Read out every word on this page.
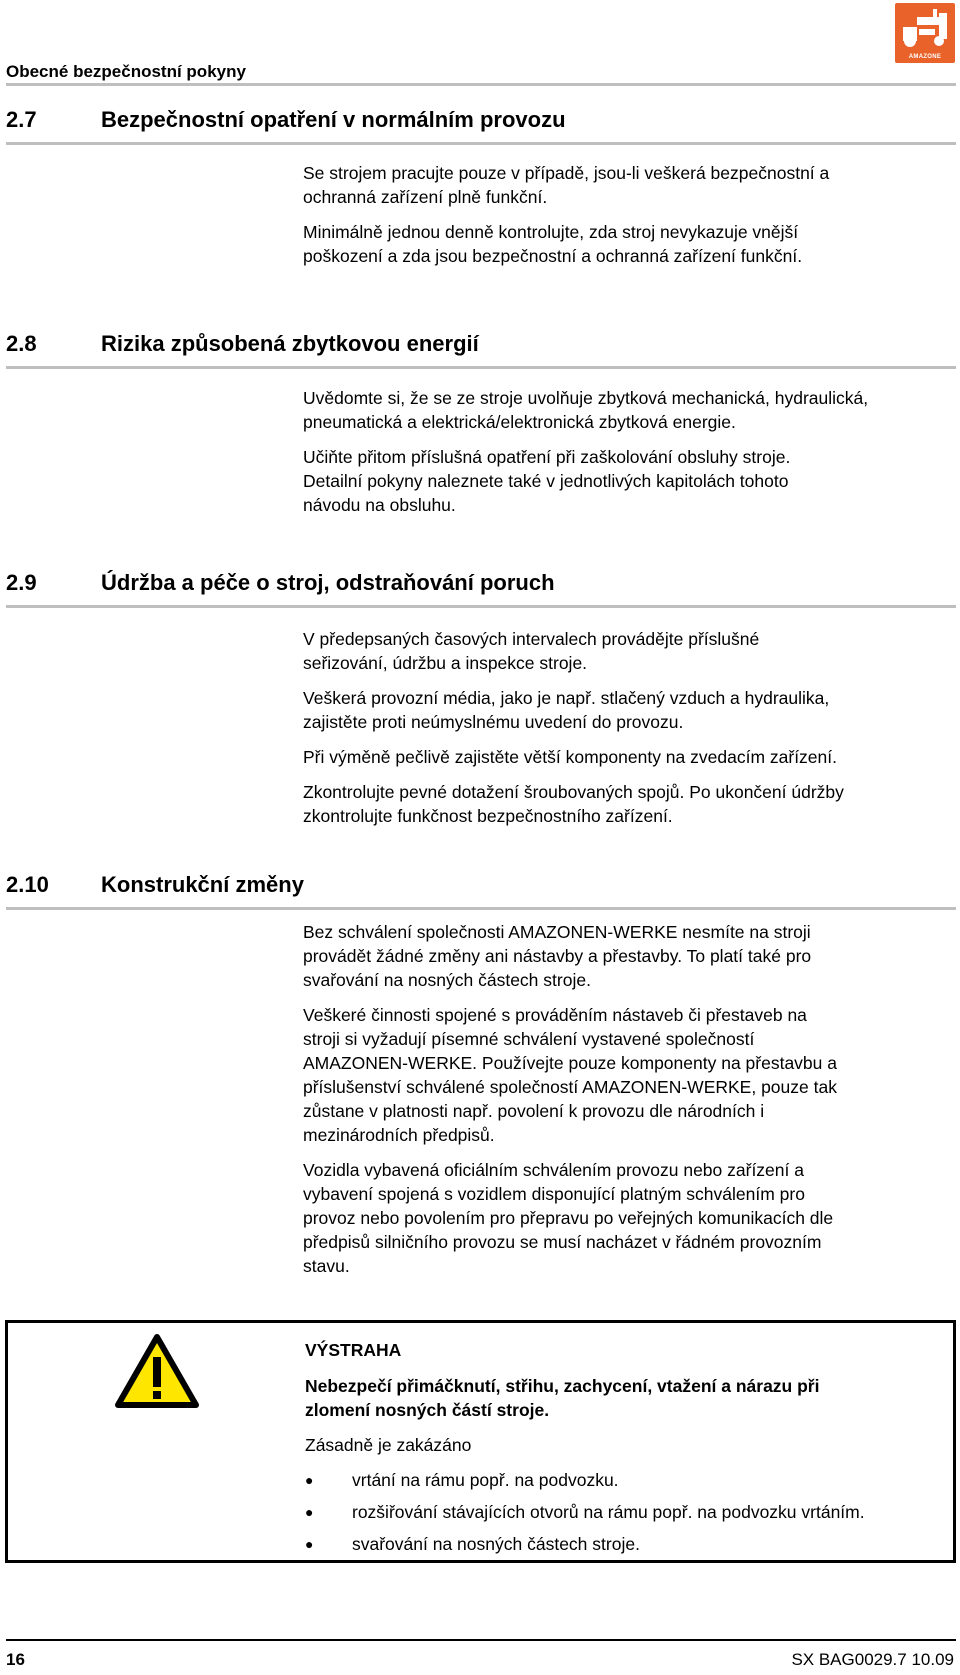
Obecné bezpečnostní pokyny
AMAZONE
2.7	Bezpečnostní opatření v normálním provozu

Se strojem pracujte pouze v případě, jsou-li veškerá bezpečnostní a
ochranná zařízení plně funkční.

Minimálně jednou denně kontrolujte, zda stroj nevykazuje vnější
poškození a zda jsou bezpečnostní a ochranná zařízení funkční.

2.8	Rizika způsobená zbytkovou energií

Uvědomte si, že se ze stroje uvolňuje zbytková mechanická, hydraulická,
pneumatická a elektrická/elektronická zbytková energie.

Učiňte přitom příslušná opatření při zaškolování obsluhy stroje.
Detailní pokyny naleznete také v jednotlivých kapitolách tohoto
návodu na obsluhu.

2.9	Údržba a péče o stroj, odstraňování poruch

V předepsaných časových intervalech provádějte příslušné
seřizování, údržbu a inspekce stroje.

Veškerá provozní média, jako je např. stlačený vzduch a hydraulika,
zajistěte proti neúmyslnému uvedení do provozu.

Při výměně pečlivě zajistěte větší komponenty na zvedacím zařízení.

Zkontrolujte pevné dotažení šroubovaných spojů. Po ukončení údržby
zkontrolujte funkčnost bezpečnostního zařízení.

2.10 Konstrukční změny

Bez schválení společnosti AMAZONEN-WERKE nesmíte na stroji
provádět žádné změny ani nástavby a přestavby. To platí také pro
svařování na nosných částech stroje.

Veškeré činnosti spojené s prováděním nástaveb či přestaveb na
stroji si vyžadují písemné schválení vystavené společností
AMAZONEN-WERKE. Používejte pouze komponenty na přestavbu a
příslušenství schválené společností AMAZONEN-WERKE, pouze tak
zůstane v platnosti např. povolení k provozu dle národních i
mezinárodních předpisů.

Vozidla vybavená oficiálním schválením provozu nebo zařízení a
vybavení spojená s vozidlem disponující platným schválením pro
provoz nebo povolením pro přepravu po veřejných komunikacích dle
předpisů silničního provozu se musí nacházet v řádném provozním
stavu.

VÝSTRAHA

Nebezpečí přimáčknutí, střihu, zachycení, vtažení a nárazu při
zlomení nosných částí stroje.

Zásadně je zakázáno

● vrtání na rámu popř. na podvozku.
● rozšiřování stávajících otvorů na rámu popř. na podvozku vrtáním.
● svařování na nosných částech stroje.
16	SX BAG0029.7 10.09
